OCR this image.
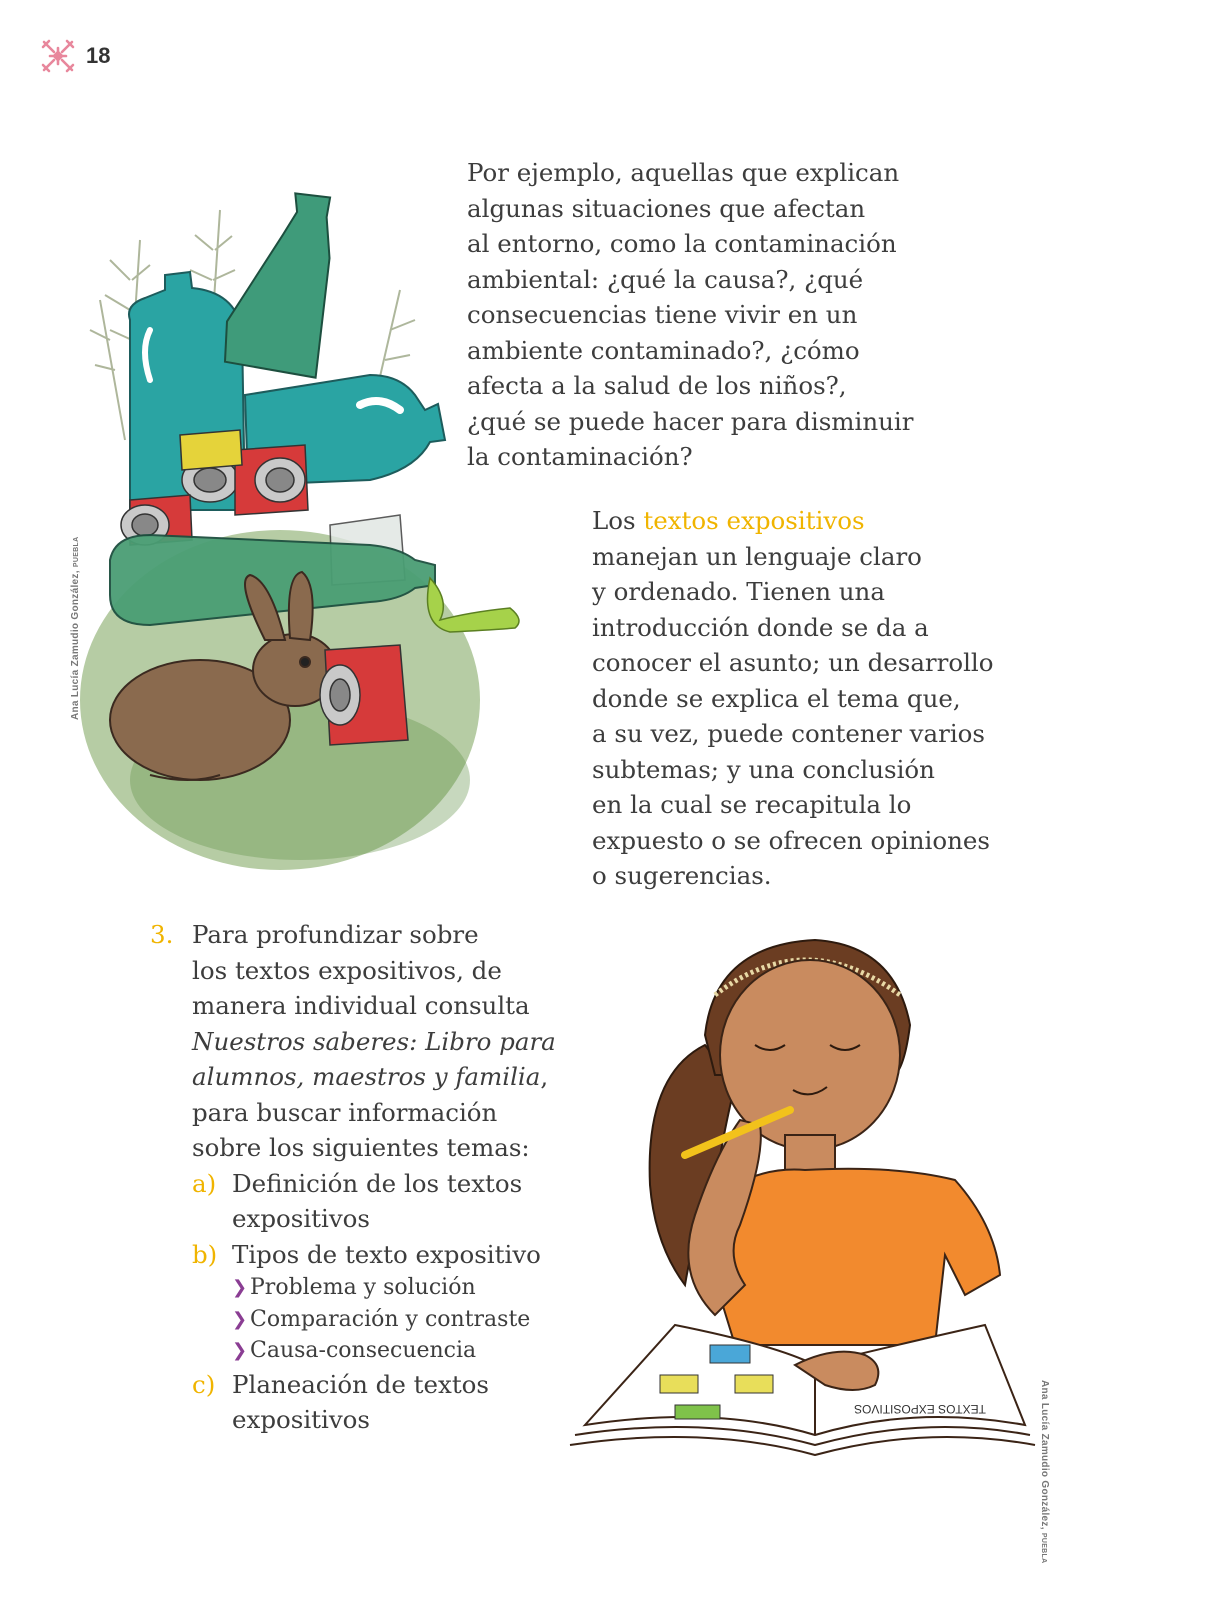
18
Ana Lucía Zamudio González, PUEBLA
Por ejemplo, aquellas que explican
algunas situaciones que afectan
al entorno, como la contaminación
ambiental: ¿qué la causa?, ¿qué
consecuencias tiene vivir en un
ambiente contaminado?, ¿cómo
afecta a la salud de los niños?,
¿qué se puede hacer para disminuir
la contaminación?
Los textos expositivos
manejan un lenguaje claro
y ordenado. Tienen una
introducción donde se da a
conocer el asunto; un desarrollo
donde se explica el tema que,
a su vez, puede contener varios
subtemas; y una conclusión
en la cual se recapitula lo
expuesto o se ofrecen opiniones
o sugerencias.
3. Para profundizar sobre
los textos expositivos, de
manera individual consulta
Nuestros saberes: Libro para
alumnos, maestros y familia,
para buscar información
sobre los siguientes temas:
a) Definición de los textos
expositivos
b) Tipos de texto expositivo
❯ Problema y solución
❯ Comparación y contraste
❯ Causa-consecuencia
c) Planeación de textos
expositivos	TEXTOS EXPOSITIVOS	Ana Lucía Zamudio González, PUEBLA
